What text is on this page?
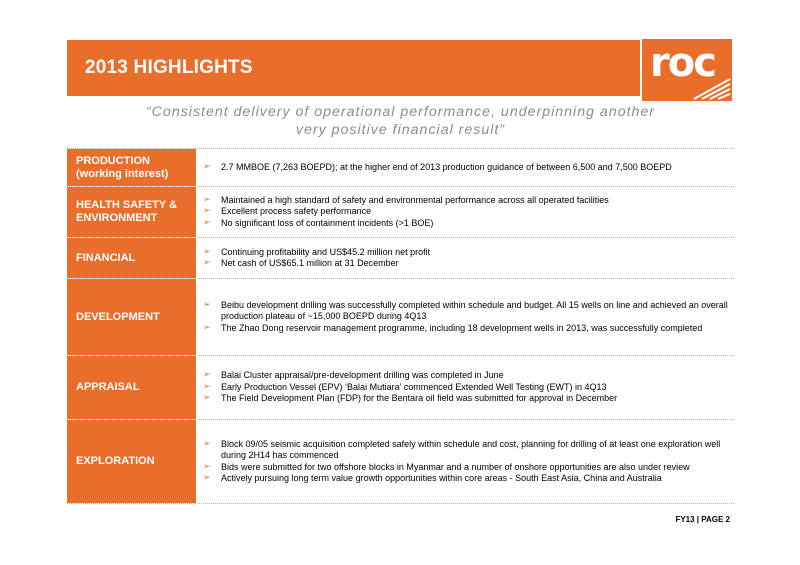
2013 HIGHLIGHTS	roc
“Consistent delivery of operational performance, underpinning another
very positive financial result”
PRODUCTION
(working interest)
➢ 2.7 MMBOE (7,263 BOEPD); at the higher end of 2013 production guidance of between 6,500 and 7,500 BOEPD
HEALTH SAFETY &
ENVIRONMENT
➢ Maintained a high standard of safety and environmental performance across all operated facilities
➢ Excellent process safety performance
➢ No significant loss of containment incidents (>1 BOE)
FINANCIAL	➢ Continuing profitability and US$45.2 million net profit
➢ Net cash of US$65.1 million at 31 December
DEVELOPMENT
➢ Beibu development drilling was successfully completed within schedule and budget. All 15 wells on line and achieved an overall production plateau of ~15,000 BOEPD during 4Q13
➢ The Zhao Dong reservoir management programme, including 18 development wells in 2013, was successfully completed
APPRAISAL
➢ Balai Cluster appraisal/pre-development drilling was completed in June
➢ Early Production Vessel (EPV) ‘Balai Mutiara’ commenced Extended Well Testing (EWT) in 4Q13
➢ The Field Development Plan (FDP) for the Bentara oil field was submitted for approval in December
EXPLORATION
➢ Block 09/05 seismic acquisition completed safely within schedule and cost, planning for drilling of at least one exploration well during 2H14 has commenced
➢ Bids were submitted for two offshore blocks in Myanmar and a number of onshore opportunities are also under review
➢ Actively pursuing long term value growth opportunities within core areas - South East Asia, China and Australia
FY13 | PAGE 2
